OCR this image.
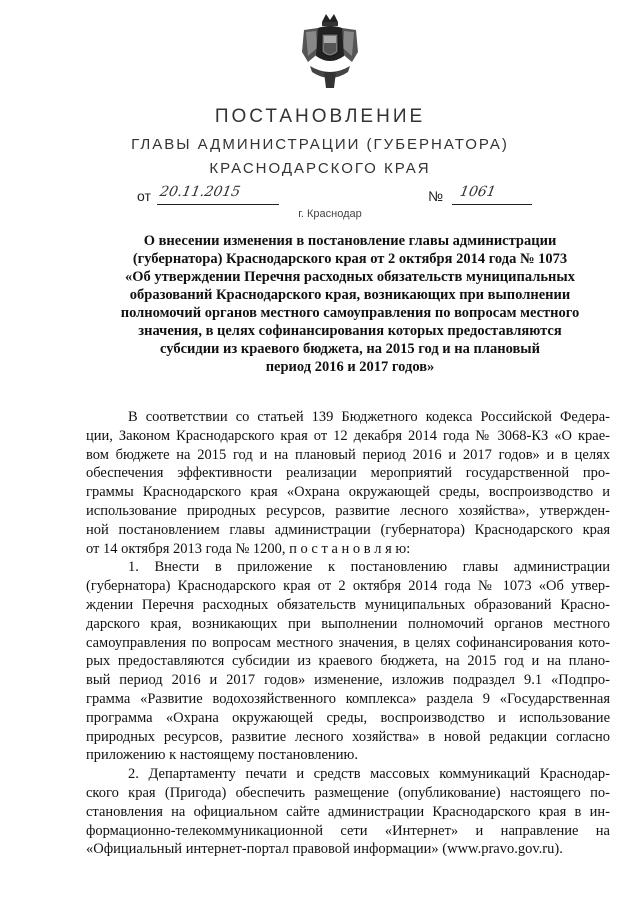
ПОСТАНОВЛЕНИЕ
ГЛАВЫ АДМИНИСТРАЦИИ (ГУБЕРНАТОРА)
КРАСНОДАРСКОГО КРАЯ
от 20.11.2015	№ 1061
г. Краснодар
О внесении изменения в постановление главы администрации
(губернатора) Краснодарского края от 2 октября 2014 года № 1073
«Об утверждении Перечня расходных обязательств муниципальных
образований Краснодарского края, возникающих при выполнении
полномочий органов местного самоуправления по вопросам местного
значения, в целях софинансирования которых предоставляются
субсидии из краевого бюджета, на 2015 год и на плановый
период 2016 и 2017 годов»
В соответствии со статьей 139 Бюджетного кодекса Российской Федера-
ции, Законом Краснодарского края от 12 декабря 2014 года № 3068-КЗ «О крае-
вом бюджете на 2015 год и на плановый период 2016 и 2017 годов» и в целях
обеспечения эффективности реализации мероприятий государственной про-
граммы Краснодарского края «Охрана окружающей среды, воспроизводство и
использование природных ресурсов, развитие лесного хозяйства», утвержден-
ной постановлением главы администрации (губернатора) Краснодарского края
от 14 октября 2013 года № 1200, п о с т а н о в л я ю:
1. Внести в приложение к постановлению главы администрации
(губернатора) Краснодарского края от 2 октября 2014 года № 1073 «Об утвер-
ждении Перечня расходных обязательств муниципальных образований Красно-
дарского края, возникающих при выполнении полномочий органов местного
самоуправления по вопросам местного значения, в целях софинансирования кото-
рых предоставляются субсидии из краевого бюджета, на 2015 год и на плано-
вый период 2016 и 2017 годов» изменение, изложив подраздел 9.1 «Подпро-
грамма «Развитие водохозяйственного комплекса» раздела 9 «Государственная
программа «Охрана окружающей среды, воспроизводство и использование
природных ресурсов, развитие лесного хозяйства» в новой редакции согласно
приложению к настоящему постановлению.
2. Департаменту печати и средств массовых коммуникаций Краснодар-
ского края (Пригода) обеспечить размещение (опубликование) настоящего по-
становления на официальном сайте администрации Краснодарского края в ин-
формационно-телекоммуникационной сети «Интернет» и направление на
«Официальный интернет-портал правовой информации» (www.pravo.gov.ru).
